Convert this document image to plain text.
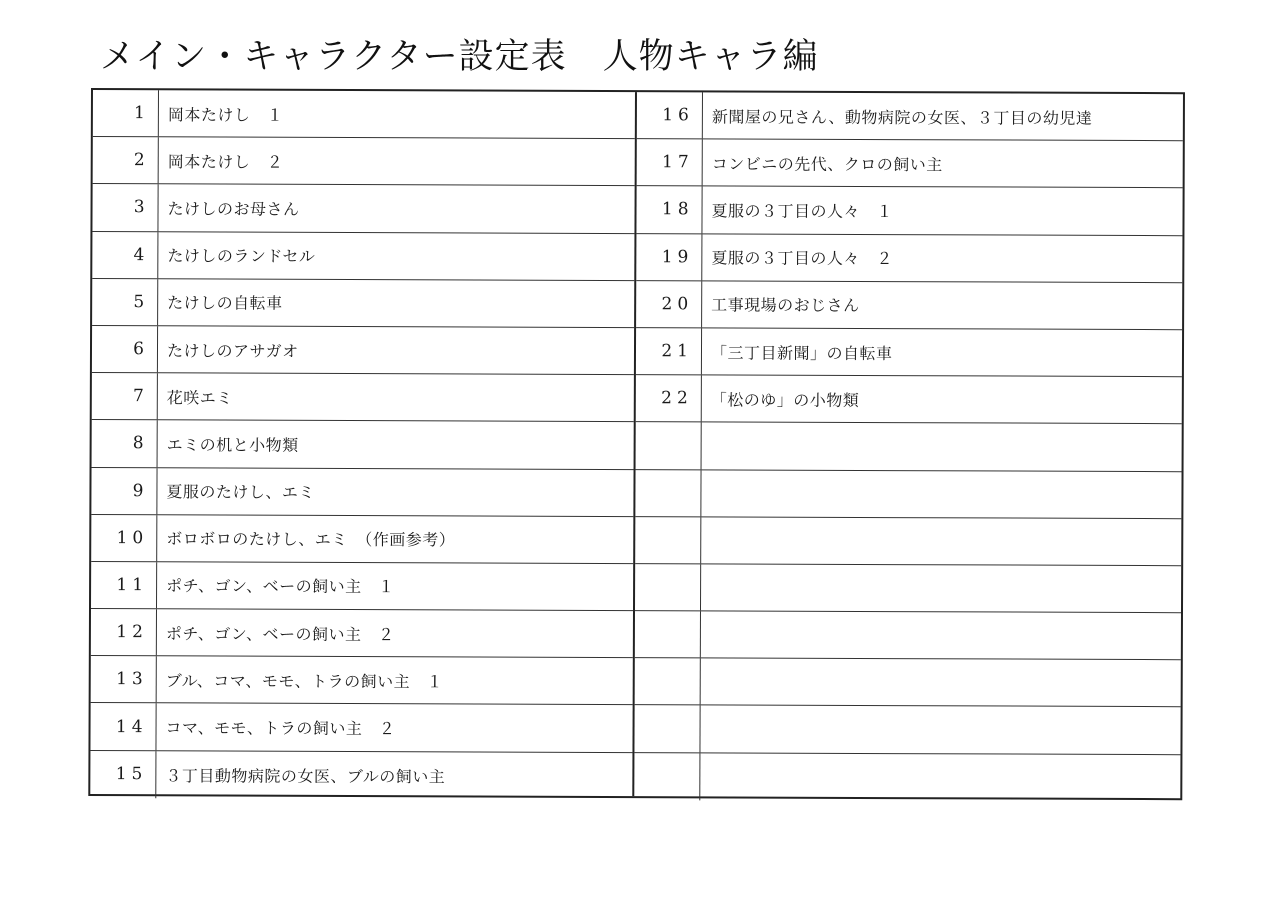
メイン・キャラクター設定表　人物キャラ編
1	岡本たけし　１
2	岡本たけし　２
3	たけしのお母さん
4	たけしのランドセル
5	たけしの自転車
6	たけしのアサガオ
7	花咲エミ
8	エミの机と小物類
9	夏服のたけし、エミ
10	ボロボロのたけし、エミ　（作画参考）
11	ポチ、ゴン、ベーの飼い主　１
12	ポチ、ゴン、ベーの飼い主　２
13	ブル、コマ、モモ、トラの飼い主　１
14	コマ、モモ、トラの飼い主　２
15	３丁目動物病院の女医、ブルの飼い主
16	新聞屋の兄さん、動物病院の女医、３丁目の幼児達
17	コンビニの先代、クロの飼い主
18	夏服の３丁目の人々　１
19	夏服の３丁目の人々　２
20	工事現場のおじさん
21	「三丁目新聞」の自転車
22	「松のゆ」の小物類
